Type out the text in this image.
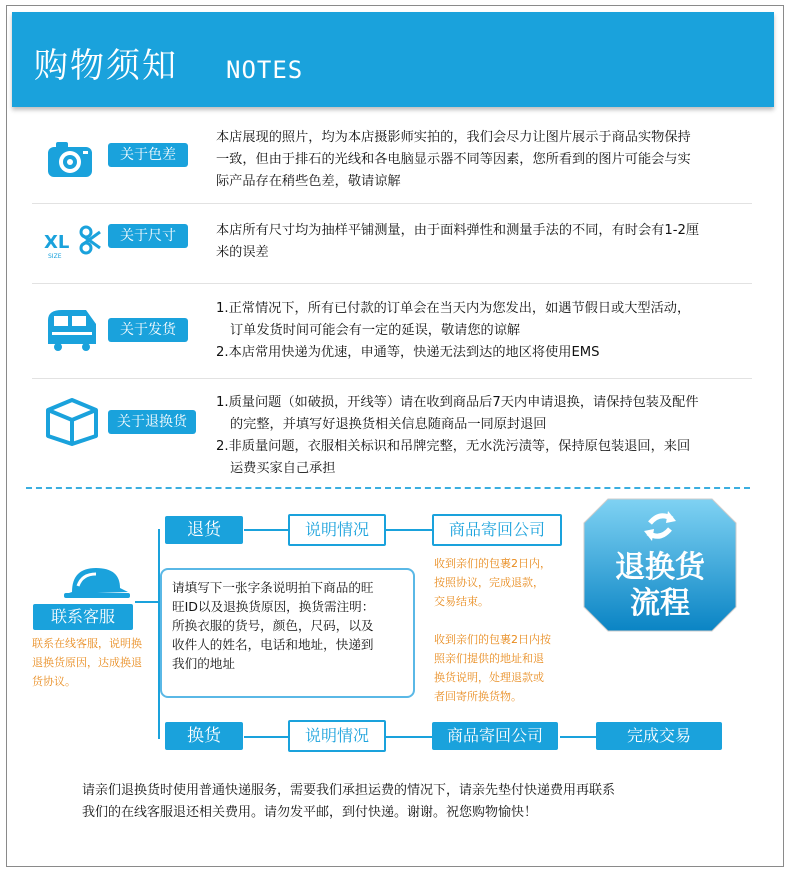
购物须知 NOTES
关于色差

本店展现的照片，均为本店摄影师实拍的，我们会尽力让图片展示于商品实物保持

一致，但由于排石的光线和各电脑显示器不同等因素，您所看到的图片可能会与实

际产品存在稍些色差，敬请谅解

XL
SIZE
关于尺寸	本店所有尺寸均为抽样平铺测量，由于面料弹性和测量手法的不同，有时会有1-2厘

米的误差

关于发货

1.正常情况下，所有已付款的订单会在当天内为您发出，如遇节假日或大型活动，

订单发货时间可能会有一定的延误，敬请您的谅解

2.本店常用快递为优速，申通等，快递无法到达的地区将使用EMS

关于退换货

1.质量问题（如破损，开线等）请在收到商品后7天内申请退换，请保持包装及配件

的完整，并填写好退换货相关信息随商品一同原封退回

2.非质量问题，衣服相关标识和吊牌完整，无水洗污渍等，保持原包装退回，来回

运费买家自己承担

退货	说明情况	商品寄回公司
换货	说明情况	商品寄回公司	完成交易
联系客服
联系在线客服，说明换
退换货原因，达成换退
货协议。
请填写下一张字条说明拍下商品的旺
旺ID以及退换货原因，换货需注明：
所换衣服的货号，颜色，尺码，以及
收件人的姓名，电话和地址，快递到
我们的地址
收到亲们的包裹2日内，
按照协议，完成退款，
交易结束。
收到亲们的包裹2日内按
照亲们提供的地址和退
换货说明，处理退款或
者回寄所换货物。
退换货
流程
请亲们退换货时使用普通快递服务，需要我们承担运费的情况下，请亲先垫付快递费用再联系
我们的在线客服退还相关费用。请勿发平邮，到付快递。谢谢。祝您购物愉快！
